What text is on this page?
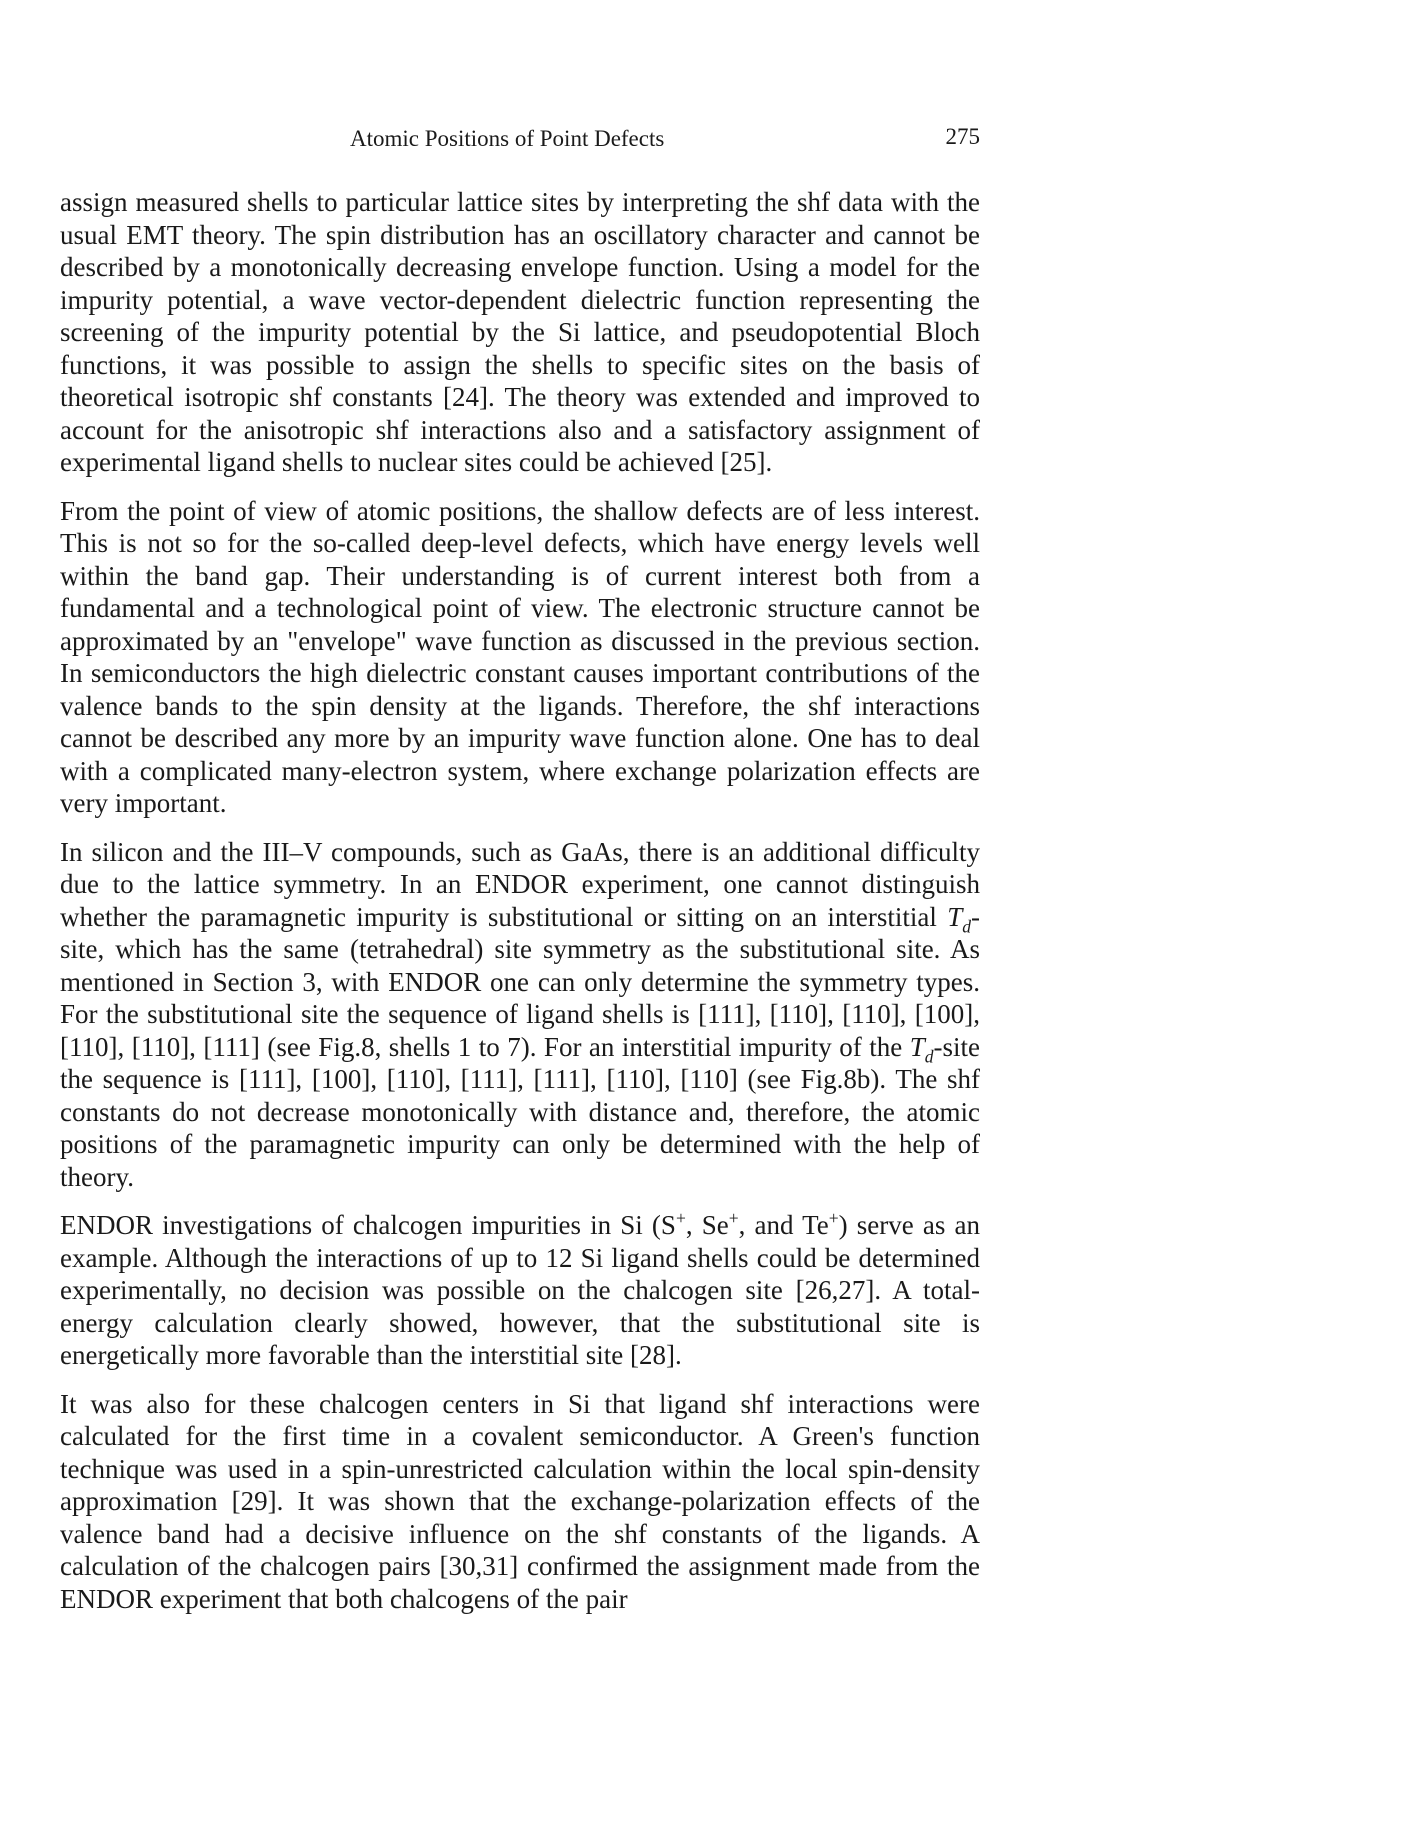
Atomic Positions of Point Defects	275

assign measured shells to particular lattice sites by interpreting the shf data with the usual EMT theory. The spin distribution has an oscillatory character and cannot be described by a monotonically decreasing envelope function. Using a model for the impurity potential, a wave vector-dependent dielectric function representing the screening of the impurity potential by the Si lattice, and pseudopotential Bloch functions, it was possible to assign the shells to specific sites on the basis of theoretical isotropic shf constants [24]. The theory was extended and improved to account for the anisotropic shf interactions also and a satisfactory assignment of experimental ligand shells to nuclear sites could be achieved [25].

From the point of view of atomic positions, the shallow defects are of less interest. This is not so for the so-called deep-level defects, which have energy levels well within the band gap. Their understanding is of current interest both from a fundamental and a technological point of view. The electronic structure cannot be approximated by an "envelope" wave function as discussed in the previous section. In semiconductors the high dielectric constant causes important contributions of the valence bands to the spin density at the ligands. Therefore, the shf interactions cannot be described any more by an impurity wave function alone. One has to deal with a complicated many-electron system, where exchange polarization effects are very important.

In silicon and the III–V compounds, such as GaAs, there is an additional difficulty due to the lattice symmetry. In an ENDOR experiment, one cannot distinguish whether the paramagnetic impurity is substitutional or sitting on an interstitial $T_d$-site, which has the same (tetrahedral) site symmetry as the substitutional site. As mentioned in Section 3, with ENDOR one can only determine the symmetry types. For the substitutional site the sequence of ligand shells is [111], [110], [110], [100], [110], [110], [111] (see Fig.8, shells 1 to 7). For an interstitial impurity of the $T_d$-site the sequence is [111], [100], [110], [111], [111], [110], [110] (see Fig.8b). The shf constants do not decrease monotonically with distance and, therefore, the atomic positions of the paramagnetic impurity can only be determined with the help of theory.

ENDOR investigations of chalcogen impurities in Si (S+, Se+, and Te+) serve as an example. Although the interactions of up to 12 Si ligand shells could be determined experimentally, no decision was possible on the chalcogen site [26,27]. A total-energy calculation clearly showed, however, that the substitutional site is energetically more favorable than the interstitial site [28].

It was also for these chalcogen centers in Si that ligand shf interactions were calculated for the first time in a covalent semiconductor. A Green's function technique was used in a spin-unrestricted calculation within the local spin-density approximation [29]. It was shown that the exchange-polarization effects of the valence band had a decisive influence on the shf constants of the ligands. A calculation of the chalcogen pairs [30,31] confirmed the assignment made from the ENDOR experiment that both chalcogens of the pair
